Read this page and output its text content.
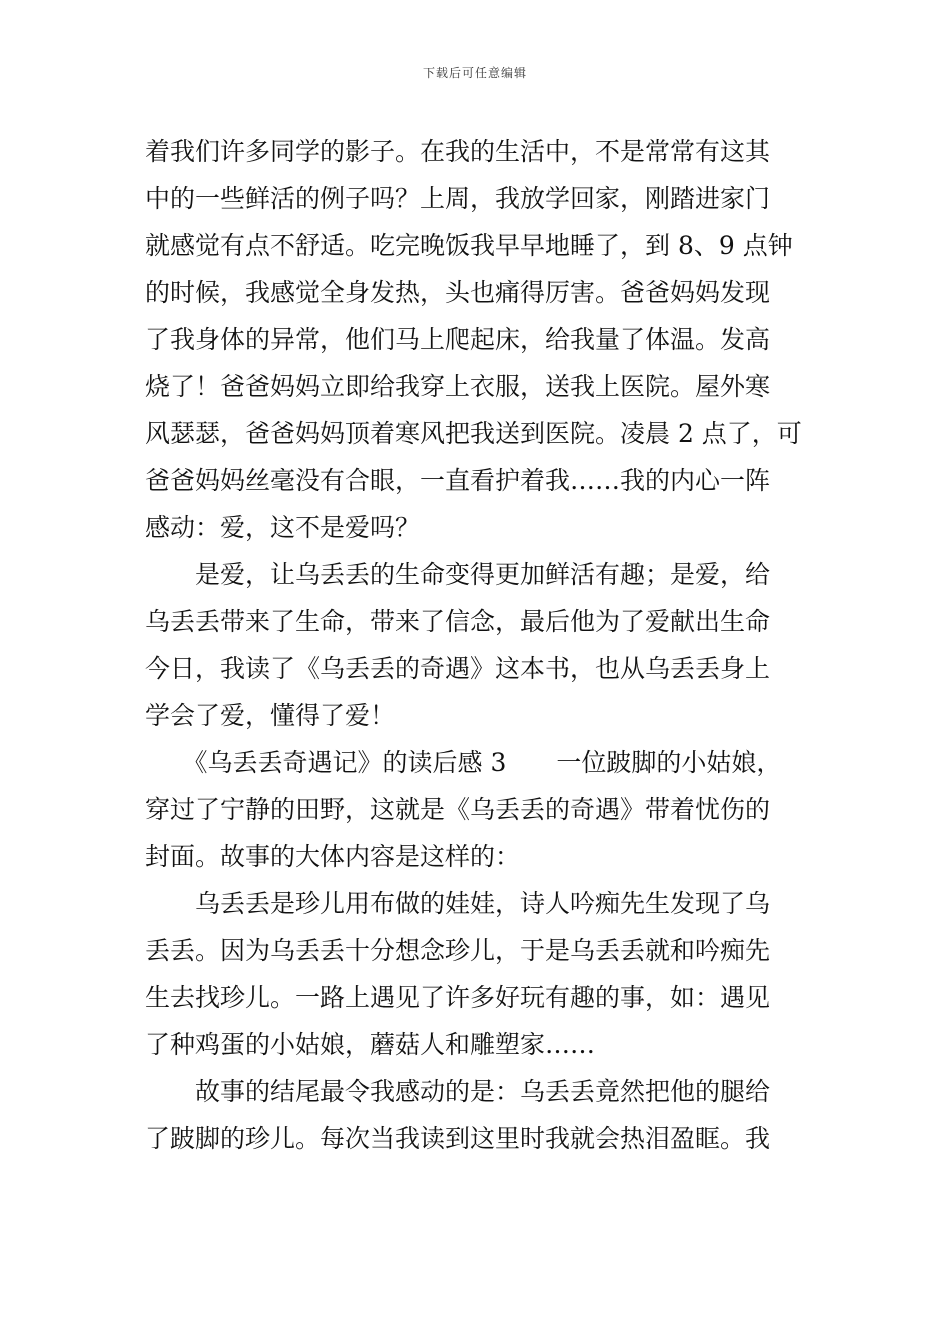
下载后可任意编辑
着我们许多同学的影子。在我的生活中，不是常常有这其
中的一些鲜活的例子吗？上周，我放学回家，刚踏进家门
就感觉有点不舒适。吃完晚饭我早早地睡了，到 8、9 点钟
的时候，我感觉全身发热，头也痛得厉害。爸爸妈妈发现
了我身体的异常，他们马上爬起床，给我量了体温。发高
烧了！爸爸妈妈立即给我穿上衣服，送我上医院。屋外寒
风瑟瑟，爸爸妈妈顶着寒风把我送到医院。凌晨 2 点了，可
爸爸妈妈丝毫没有合眼，一直看护着我……我的内心一阵
感动：爱，这不是爱吗？
　　是爱，让乌丢丢的生命变得更加鲜活有趣；是爱，给
乌丢丢带来了生命，带来了信念，最后他为了爱献出生命
今日，我读了《乌丢丢的奇遇》这本书，也从乌丢丢身上
学会了爱，懂得了爱！
　　《乌丢丢奇遇记》的读后感 3　　一位跛脚的小姑娘，
穿过了宁静的田野，这就是《乌丢丢的奇遇》带着忧伤的
封面。故事的大体内容是这样的：
　　乌丢丢是珍儿用布做的娃娃，诗人吟痴先生发现了乌
丢丢。因为乌丢丢十分想念珍儿，于是乌丢丢就和吟痴先
生去找珍儿。一路上遇见了许多好玩有趣的事，如：遇见
了种鸡蛋的小姑娘，蘑菇人和雕塑家……
　　故事的结尾最令我感动的是：乌丢丢竟然把他的腿给
了跛脚的珍儿。每次当我读到这里时我就会热泪盈眶。我
